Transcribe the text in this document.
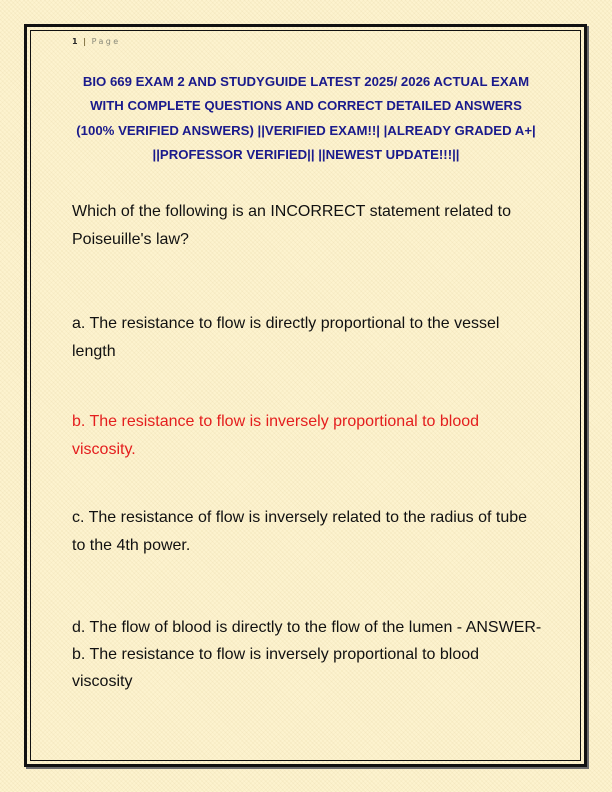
1 | Page
BIO 669 EXAM 2 AND STUDYGUIDE LATEST 2025/ 2026 ACTUAL EXAM WITH COMPLETE QUESTIONS AND CORRECT DETAILED ANSWERS (100% VERIFIED ANSWERS) ||VERIFIED EXAM!!| |ALREADY GRADED A+| ||PROFESSOR VERIFIED|| ||NEWEST UPDATE!!!||

Which of the following is an INCORRECT statement related to Poiseuille's law?

a. The resistance to flow is directly proportional to the vessel length

b. The resistance to flow is inversely proportional to blood viscosity.

c. The resistance of flow is inversely related to the radius of tube to the 4th power.

d. The flow of blood is directly to the flow of the lumen - ANSWER-b. The resistance to flow is inversely proportional to blood viscosity
